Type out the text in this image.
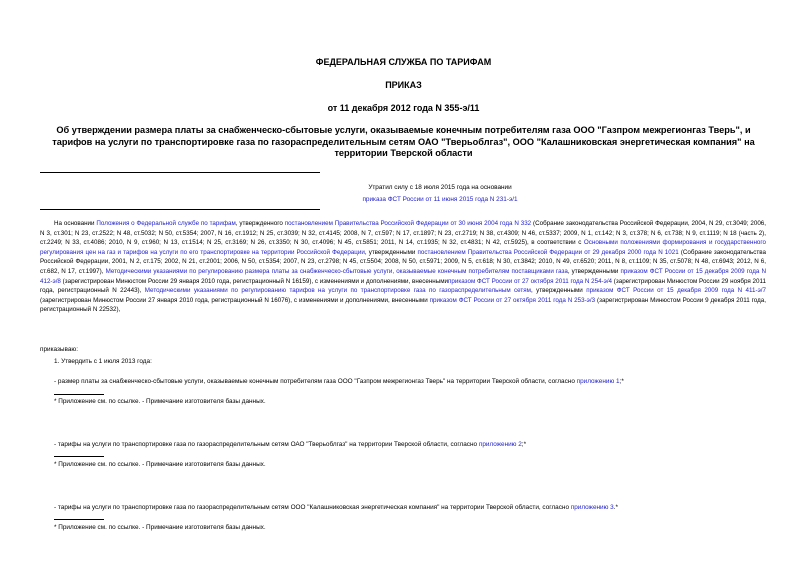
ФЕДЕРАЛЬНАЯ СЛУЖБА ПО ТАРИФАМ
ПРИКАЗ
от 11 декабря 2012 года N 355-э/11
Об утверждении размера платы за снабженческо-сбытовые услуги, оказываемые конечным потребителям газа ООО "Газпром межрегионгаз Тверь", и тарифов на услуги по транспортировке газа по газораспределительным сетям ОАО "Тверьоблгаз", ООО "Калашниковская энергетическая компания" на территории Тверской области
Утратил силу с 18 июля 2015 года на основании
приказа ФСТ России от 11 июня 2015 года N 231-э/1
На основании Положения о Федеральной службе по тарифам, утвержденного постановлением Правительства Российской Федерации от 30 июня 2004 года N 332 (Собрание законодательства Российской Федерации, 2004, N 29, ст.3049; 2006, N 3, ст.301; N 23, ст.2522; N 48, ст.5032; N 50, ст.5354; 2007, N 16, ст.1912; N 25, ст.3039; N 32, ст.4145; 2008, N 7, ст.597; N 17, ст.1897; N 23, ст.2719; N 38, ст.4309; N 46, ст.5337; 2009, N 1, ст.142; N 3, ст.378; N 6, ст.738; N 9, ст.1119; N 18 (часть 2), ст.2249; N 33, ст.4086; 2010, N 9, ст.960; N 13, ст.1514; N 25, ст.3169; N 26, ст.3350; N 30, ст.4096; N 45, ст.5851; 2011, N 14, ст.1935; N 32, ст.4831; N 42, ст.5925), в соответствии с Основными положениями формирования и государственного регулирования цен на газ и тарифов на услуги по его транспортировке на территории Российской Федерации, утвержденными постановлением Правительства Российской Федерации от 29 декабря 2000 года N 1021 (Собрание законодательства Российской Федерации, 2001, N 2, ст.175; 2002, N 21, ст.2001; 2006, N 50, ст.5354; 2007, N 23, ст.2798; N 45, ст.5504; 2008, N 50, ст.5971; 2009, N 5, ст.618; N 30, ст.3842; 2010, N 49, ст.6520; 2011, N 8, ст.1109; N 35, ст.5078; N 48, ст.6943; 2012, N 6, ст.682, N 17, ст.1997), Методическими указаниями по регулированию размера платы за снабженческо-сбытовые услуги, оказываемые конечным потребителям поставщиками газа, утвержденными приказом ФСТ России от 15 декабря 2009 года N 412-э/8 (зарегистрирован Минюстом России 29 января 2010 года, регистрационный N 16159), с изменениями и дополнениями, внесеннымиприказом ФСТ России от 27 октября 2011 года N 254-э/4 (зарегистрирован Минюстом России 29 ноября 2011 года, регистрационный N 22443), Методическими указаниями по регулированию тарифов на услуги по транспортировке газа по газораспределительным сетям, утвержденными приказом ФСТ России от 15 декабря 2009 года N 411-э/7 (зарегистрирован Минюстом России 27 января 2010 года, регистрационный N 16076), с изменениями и дополнениями, внесенными приказом ФСТ России от 27 октября 2011 года N 253-э/3 (зарегистрирован Минюстом России 9 декабря 2011 года, регистрационный N 22532),
приказываю:
1. Утвердить с 1 июля 2013 года:
- размер платы за снабженческо-сбытовые услуги, оказываемые конечным потребителям газа ООО "Газпром межрегионгаз Тверь" на территории Тверской области, согласно приложению 1;*
* Приложение см. по ссылке. - Примечание изготовителя базы данных.
- тарифы на услуги по транспортировке газа по газораспределительным сетям ОАО "Тверьоблгаз" на территории Тверской области, согласно приложению 2;*
* Приложение см. по ссылке. - Примечание изготовителя базы данных.
- тарифы на услуги по транспортировке газа по газораспределительным сетям ООО "Калашниковская энергетическая компания" на территории Тверской области, согласно приложению 3.*
* Приложение см. по ссылке. - Примечание изготовителя базы данных.
